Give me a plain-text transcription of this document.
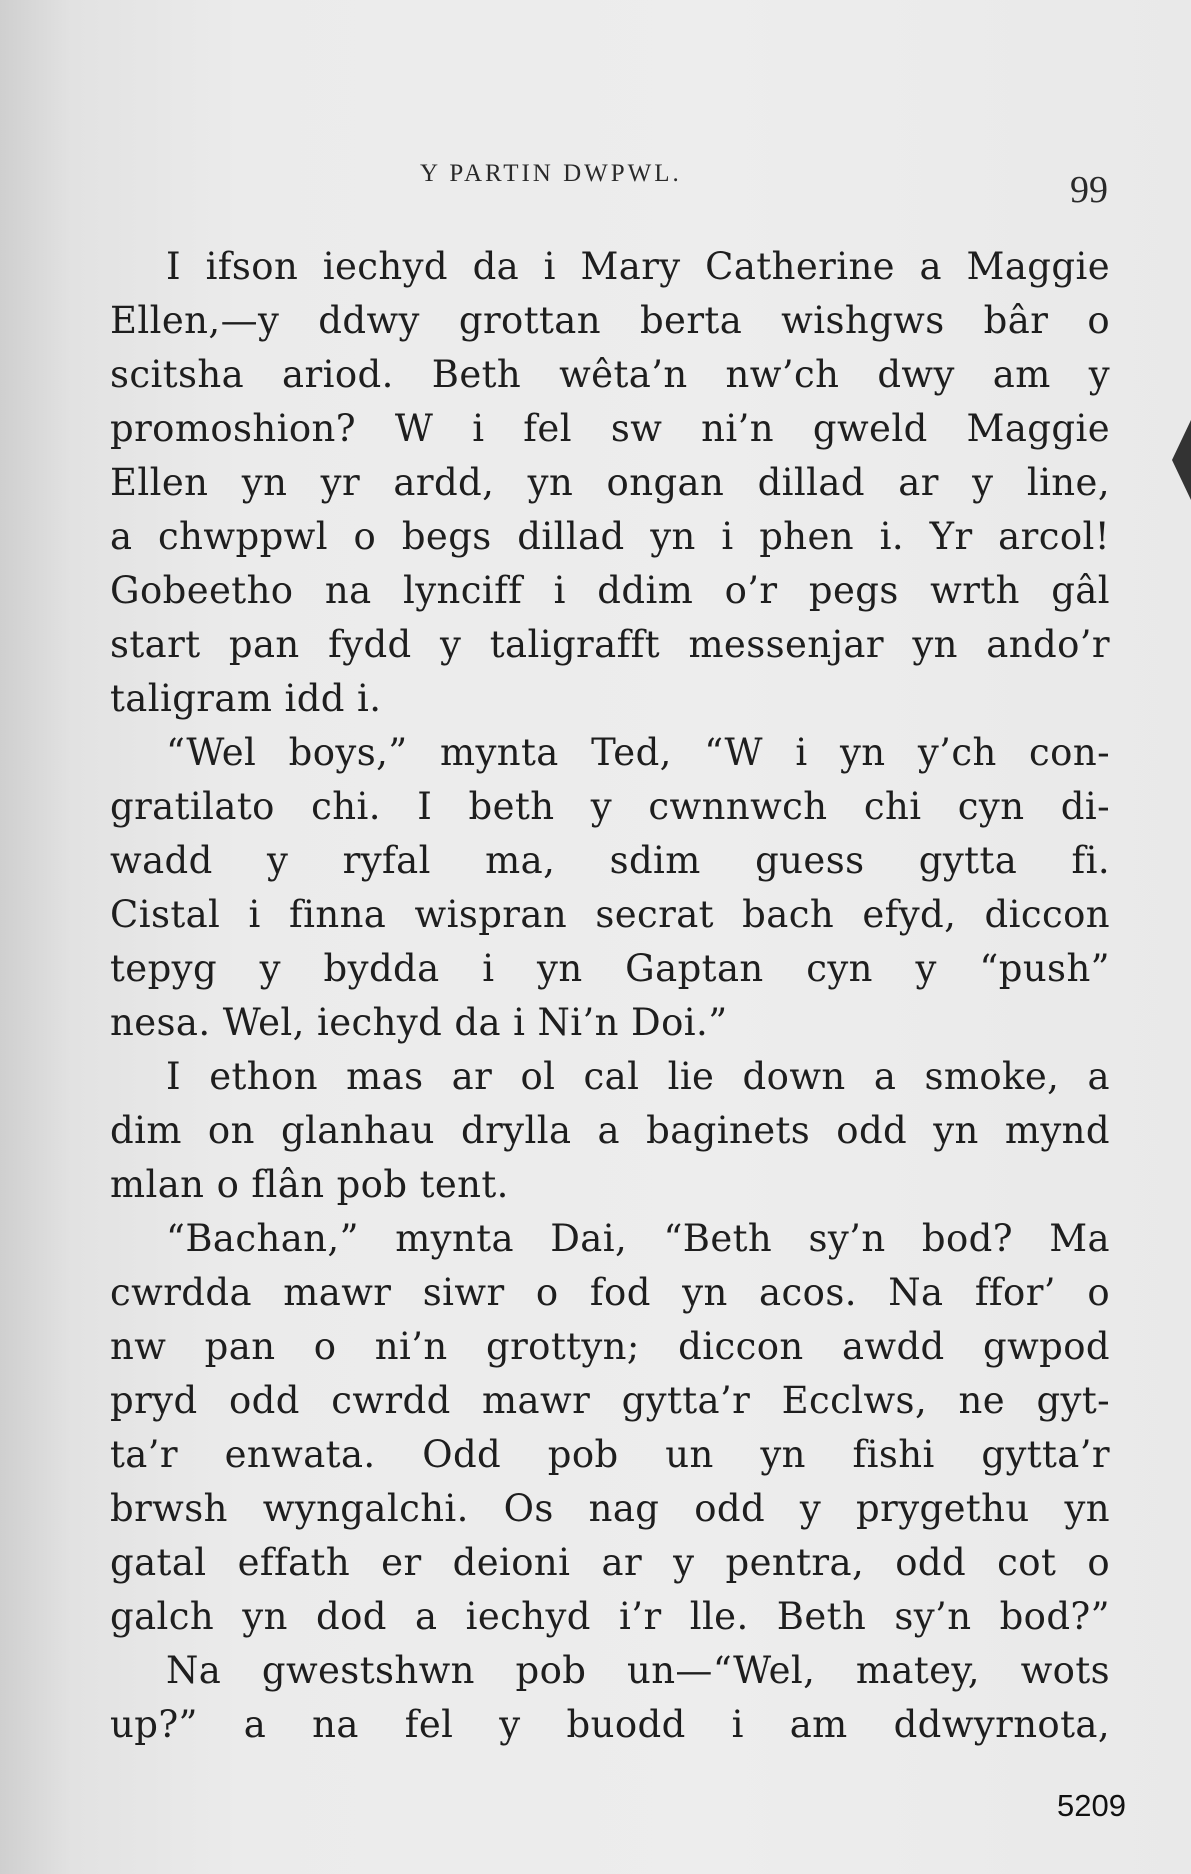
Y PARTIN DWPWL.	99
I ifson iechyd da i Mary Catherine a Maggie
Ellen,—y ddwy grottan berta wishgws bâr o
scitsha ariod. Beth wêta’n nw’ch dwy am y
promoshion? W i fel sw ni’n gweld Maggie
Ellen yn yr ardd, yn ongan dillad ar y line,
a chwppwl o begs dillad yn i phen i. Yr arcol!
Gobeetho na lynciff i ddim o’r pegs wrth gâl
start pan fydd y taligrafft messenjar yn ando’r
taligram idd i.
“Wel boys,” mynta Ted, “W i yn y’ch con-
gratilato chi. I beth y cwnnwch chi cyn di-
wadd y ryfal ma, sdim guess gytta fi.
Cistal i finna wispran secrat bach efyd, diccon
tepyg y bydda i yn Gaptan cyn y “push”
nesa. Wel, iechyd da i Ni’n Doi.”
I ethon mas ar ol cal lie down a smoke, a
dim on glanhau drylla a baginets odd yn mynd
mlan o flân pob tent.
“Bachan,” mynta Dai, “Beth sy’n bod? Ma
cwrdda mawr siwr o fod yn acos. Na ffor’ o
nw pan o ni’n grottyn; diccon awdd gwpod
pryd odd cwrdd mawr gytta’r Ecclws, ne gyt-
ta’r enwata. Odd pob un yn fishi gytta’r
brwsh wyngalchi. Os nag odd y prygethu yn
gatal effath er deioni ar y pentra, odd cot o
galch yn dod a iechyd i’r lle. Beth sy’n bod?”
Na gwestshwn pob un—“Wel, matey, wots
up?” a na fel y buodd i am ddwyrnota,
5209
